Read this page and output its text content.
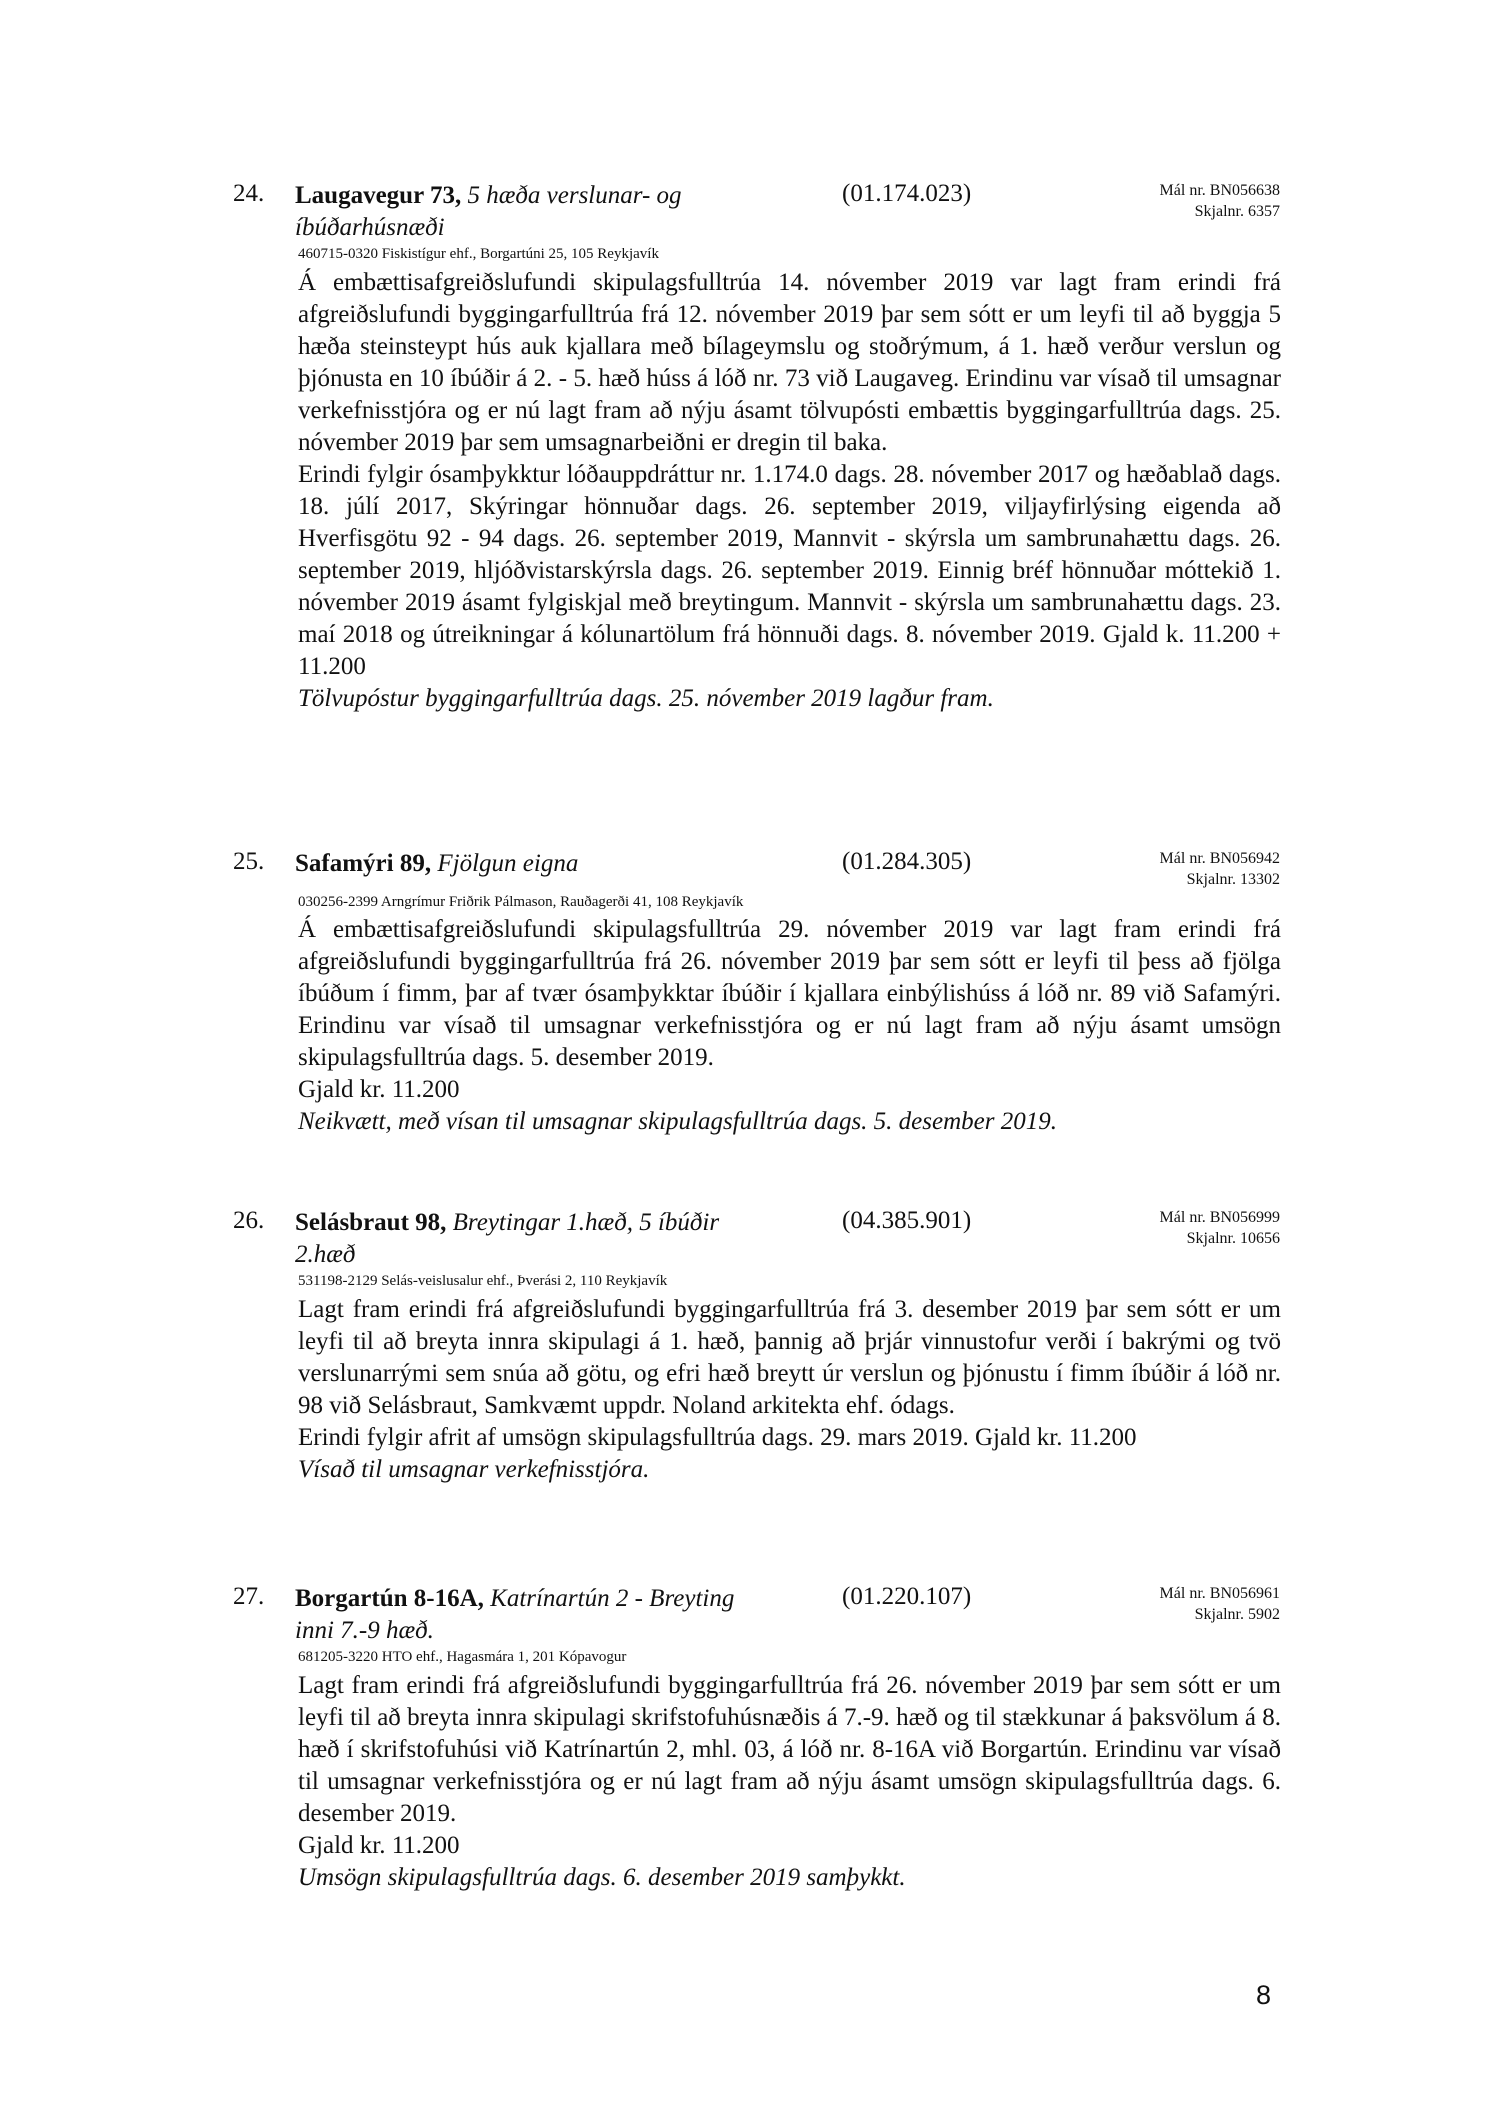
24. Laugavegur 73, 5 hæða verslunar- og íbúðarhúsnæði
(01.174.023)	Mál nr. BN056638
Skjalnr. 6357
460715-0320 Fiskistígur ehf., Borgartúni 25, 105 Reykjavík

Á embættisafgreiðslufundi skipulagsfulltrúa 14. nóvember 2019 var lagt fram erindi frá afgreiðslufundi byggingarfulltrúa frá 12. nóvember 2019 þar sem sótt er um leyfi til að byggja 5 hæða steinsteypt hús auk kjallara með bílageymslu og stoðrýmum, á 1. hæð verður verslun og þjónusta en 10 íbúðir á 2. - 5. hæð húss á lóð nr. 73 við Laugaveg. Erindinu var vísað til umsagnar verkefnisstjóra og er nú lagt fram að nýju ásamt tölvupósti embættis byggingarfulltrúa dags. 25. nóvember 2019 þar sem umsagnarbeiðni er dregin til baka.

Erindi fylgir ósamþykktur lóðauppdráttur nr. 1.174.0 dags. 28. nóvember 2017 og hæðablað dags. 18. júlí 2017, Skýringar hönnuðar dags. 26. september 2019, viljayfirlýsing eigenda að Hverfisgötu 92 - 94 dags. 26. september 2019, Mannvit - skýrsla um sambrunahættu dags. 26. september 2019, hljóðvistarskýrsla dags. 26. september 2019. Einnig bréf hönnuðar móttekið 1. nóvember 2019 ásamt fylgiskjal með breytingum. Mannvit - skýrsla um sambrunahættu dags. 23. maí 2018 og útreikningar á kólunartölum frá hönnuði dags. 8. nóvember 2019. Gjald k. 11.200 + 11.200

Tölvupóstur byggingarfulltrúa dags. 25. nóvember 2019 lagður fram.

25. Safamýri 89, Fjölgun eigna	(01.284.305)	Mál nr. BN056942
Skjalnr. 13302
030256-2399 Arngrímur Friðrik Pálmason, Rauðagerði 41, 108 Reykjavík

Á embættisafgreiðslufundi skipulagsfulltrúa 29. nóvember 2019 var lagt fram erindi frá afgreiðslufundi byggingarfulltrúa frá 26. nóvember 2019 þar sem sótt er leyfi til þess að fjölga íbúðum í fimm, þar af tvær ósamþykktar íbúðir í kjallara einbýlishúss á lóð nr. 89 við Safamýri. Erindinu var vísað til umsagnar verkefnisstjóra og er nú lagt fram að nýju ásamt umsögn skipulagsfulltrúa dags. 5. desember 2019.

Gjald kr. 11.200

Neikvætt, með vísan til umsagnar skipulagsfulltrúa dags. 5. desember 2019.

26. Selásbraut 98, Breytingar 1.hæð, 5 íbúðir 2.hæð
(04.385.901)	Mál nr. BN056999
Skjalnr. 10656
531198-2129 Selás-veislusalur ehf., Þverási 2, 110 Reykjavík

Lagt fram erindi frá afgreiðslufundi byggingarfulltrúa frá 3. desember 2019 þar sem sótt er um leyfi til að breyta innra skipulagi á 1. hæð, þannig að þrjár vinnustofur verði í bakrými og tvö verslunarrými sem snúa að götu, og efri hæð breytt úr verslun og þjónustu í fimm íbúðir á lóð nr. 98 við Selásbraut, Samkvæmt uppdr. Noland arkitekta ehf. ódags.

Erindi fylgir afrit af umsögn skipulagsfulltrúa dags. 29. mars 2019. Gjald kr. 11.200

Vísað til umsagnar verkefnisstjóra.

27. Borgartún 8-16A, Katrínartún 2 - Breyting inni 7.-9 hæð.
(01.220.107)	Mál nr. BN056961
Skjalnr. 5902
681205-3220 HTO ehf., Hagasmára 1, 201 Kópavogur

Lagt fram erindi frá afgreiðslufundi byggingarfulltrúa frá 26. nóvember 2019 þar sem sótt er um leyfi til að breyta innra skipulagi skrifstofuhúsnæðis á 7.-9. hæð og til stækkunar á þaksvölum á 8. hæð í skrifstofuhúsi við Katrínartún 2, mhl. 03, á lóð nr. 8-16A við Borgartún. Erindinu var vísað til umsagnar verkefnisstjóra og er nú lagt fram að nýju ásamt umsögn skipulagsfulltrúa dags. 6. desember 2019.

Gjald kr. 11.200

Umsögn skipulagsfulltrúa dags. 6. desember 2019 samþykkt.

8
